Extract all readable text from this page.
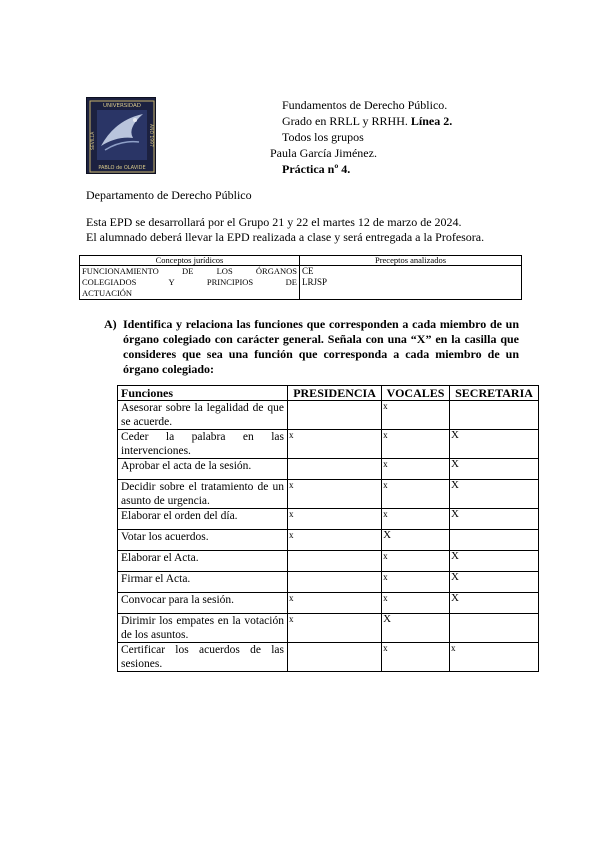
UNIVERSIDAD
PABLO de OLAVIDE
SEVILLA	AÑO 1997
Fundamentos de Derecho Público.
Grado en RRLL y RRHH. Línea 2.
Todos los grupos
Paula García Jiménez.
Práctica nº 4.
Departamento de Derecho Público
Esta EPD se desarrollará por el Grupo 21 y 22 el martes 12 de marzo de 2024.
El alumnado deberá llevar la EPD realizada a clase y será entregada a la Profesora.
Conceptos jurídicos	Preceptos analizados

FUNCIONAMIENTO DE LOS ÓRGANOS
COLEGIADOS Y PRINCIPIOS DE
ACTUACIÓN	CE
LRJSP
A) Identifica y relaciona las funciones que corresponden a cada miembro de un órgano colegiado con carácter general. Señala con una “X” en la casilla que consideres que sea una función que corresponda a cada miembro de un órgano colegiado:
Funciones	PRESIDENCIA	VOCALES	SECRETARIA
Asesorar sobre la legalidad de que se acuerde.		x	
Ceder la palabra en las intervenciones.	x	x	X
Aprobar el acta de la sesión.		x	X
Decidir sobre el tratamiento de un asunto de urgencia.	x	x	X
Elaborar el orden del día.	x	x	X
Votar los acuerdos.	x	X	
Elaborar el Acta.		x	X
Firmar el Acta.		x	X
Convocar para la sesión.	x	x	X
Dirimir los empates en la votación de los asuntos.	x	X	
Certificar los acuerdos de las sesiones.		x	x
